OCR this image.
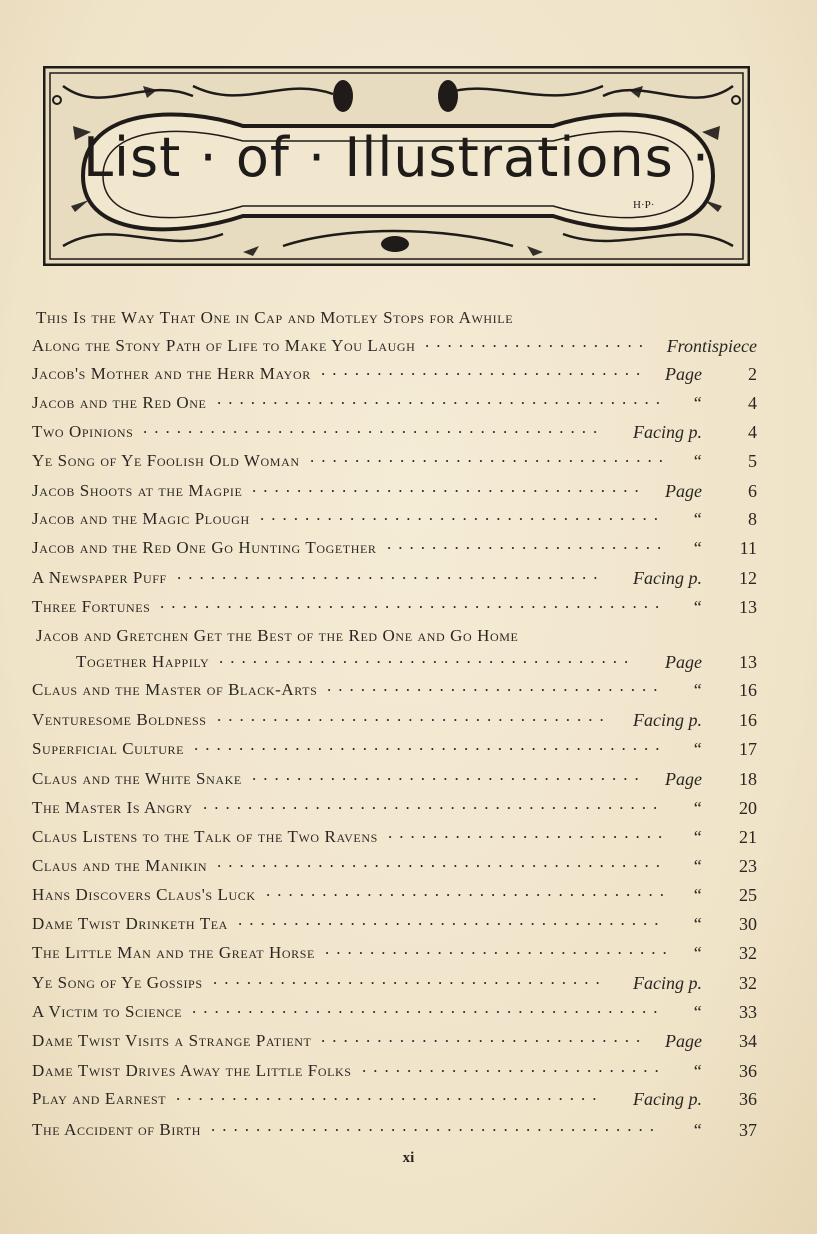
List · of · Illustrations ·
H·P·
This Is the Way That One in Cap and Motley Stops for Awhile
Along the Stony Path of Life to Make You Laugh	Frontispiece
....................
Jacob's Mother and the Herr Mayor	Page	2
.............................
Jacob and the Red One	“	4
........................................
Two Opinions	Facing p.	4
.........................................
Ye Song of Ye Foolish Old Woman	“	5
................................
Jacob Shoots at the Magpie	Page	6
...................................
Jacob and the Magic Plough	“	8
....................................
Jacob and the Red One Go Hunting Together	“	11
.........................
A Newspaper Puff	Facing p.	12
......................................
Three Fortunes	“	13
.............................................
Jacob and Gretchen Get the Best of the Red One and Go Home
Together Happily	Page	13
.....................................
Claus and the Master of Black-Arts	“	16
..............................
Venturesome Boldness	Facing p.	16
...................................
Superficial Culture	“	17
..........................................
Claus and the White Snake	Page	18
...................................
The Master Is Angry	“	20
.........................................
Claus Listens to the Talk of the Two Ravens	“	21
.........................
Claus and the Manikin	“	23
........................................
Hans Discovers Claus's Luck	“	25
....................................
Dame Twist Drinketh Tea	“	30
......................................
The Little Man and the Great Horse	“	32
...............................
Ye Song of Ye Gossips	Facing p.	32
...................................
A Victim to Science	“	33
..........................................
Dame Twist Visits a Strange Patient	Page	34
.............................
Dame Twist Drives Away the Little Folks	“	36
...........................
Play and Earnest	Facing p.	36
......................................
The Accident of Birth	“	37
........................................
xi
